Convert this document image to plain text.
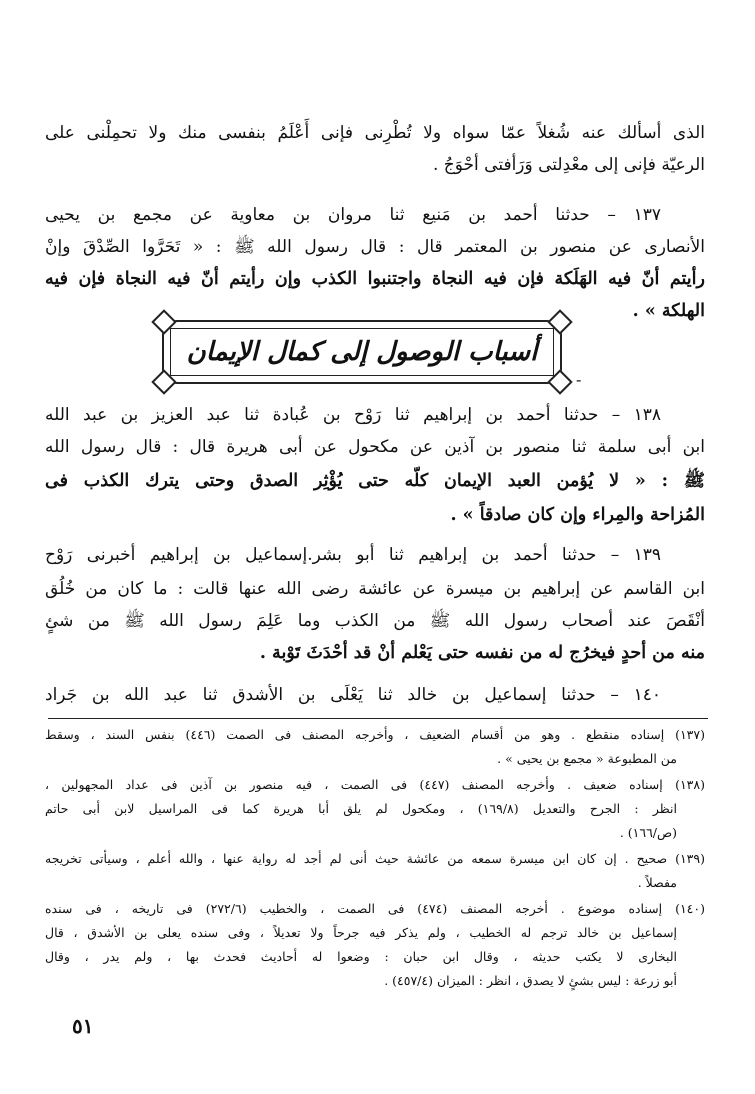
الذى أسألك عنه شُغلاً عمّا سواه ولا تُطْرِنى فإنى أَعْلَمُ بنفسى منك ولا تحمِلْنى على
الرعيّة فإنى إلى معْدِلتى وَرَأفتى أحْوَجُ .
١٣٧ – حدثنا أحمد بن مَنيع ثنا مروان بن معاوية عن مجمع بن يحيى
الأنصارى عن منصور بن المعتمر قال : قال رسول الله ﷺ : « تَحَرَّوا الصِّدْقَ وإنْ
رأيتم أنّ فيه الهَلَكة فإن فيه النجاة واجتنبوا الكذب وإن رأيتم أنّ فيه النجاة فإن فيه
الهلكة » .
أسباب الوصول إلى كمال الإيمان
-
١٣٨ – حدثنا أحمد بن إبراهيم ثنا رَوْح بن عُبادة ثنا عبد العزيز بن عبد الله
ابن أبى سلمة ثنا منصور بن آذين عن مكحول عن أبى هريرة قال : قال رسول الله
ﷺ : « لا يُؤمن العبد الإيمان كلّه حتى يُؤْثِر الصدق وحتى يترك الكذب فى
المُزاحة والمِراء وإن كان صادقاً » .
١٣٩ – حدثنا أحمد بن إبراهيم ثنا أبو بشر.إسماعيل بن إبراهيم أخبرنى رَوْح
ابن القاسم عن إبراهيم بن ميسرة عن عائشة رضى الله عنها قالت : ما كان من خُلُق
أنْقَصَ عند أصحاب رسول الله ﷺ من الكذب وما عَلِمَ رسول الله ﷺ من شئٍ
منه من أحدٍ فيخرُج له من نفسه حتى يَعْلم أنْ قد أحْدَثَ تَوْبة .
١٤٠ – حدثنا إسماعيل بن خالد ثنا يَعْلَى بن الأشدق ثنا عبد الله بن جَراد
(١٣٧) إسناده منقطع . وهو من أقسام الضعيف ، وأخرجه المصنف فى الصمت (٤٤٦) بنفس السند ، وسقط
من المطبوعة « مجمع بن يحيى » .
(١٣٨) إسناده ضعيف . وأخرجه المصنف (٤٤٧) فى الصمت ، فيه منصور بن آذين فى عداد المجهولين ،
انظر : الجرح والتعديل (١٦٩/٨) ، ومكحول لم يلق أبا هريرة كما فى المراسيل لابن أبى حاتم
(ص/١٦٦) .
(١٣٩) صحيح . إن كان ابن ميسرة سمعه من عائشة حيث أنى لم أجد له رواية عنها ، والله أعلم ، وسيأتى تخريجه
مفصلاً .
(١٤٠) إسناده موضوع . أخرجه المصنف (٤٧٤) فى الصمت ، والخطيب (٢٧٢/٦) فى تاريخه ، فى سنده
إسماعيل بن خالد ترجم له الخطيب ، ولم يذكر فيه جرحاً ولا تعديلاً ، وفى سنده يعلى بن الأشدق ، قال
البخارى لا يكتب حديثه ، وقال ابن حبان : وضعوا له أحاديث فحدث بها ، ولم يدر ، وقال
أبو زرعة : ليس بشئٍ لا يصدق ، انظر : الميزان (٤٥٧/٤) .
٥١
